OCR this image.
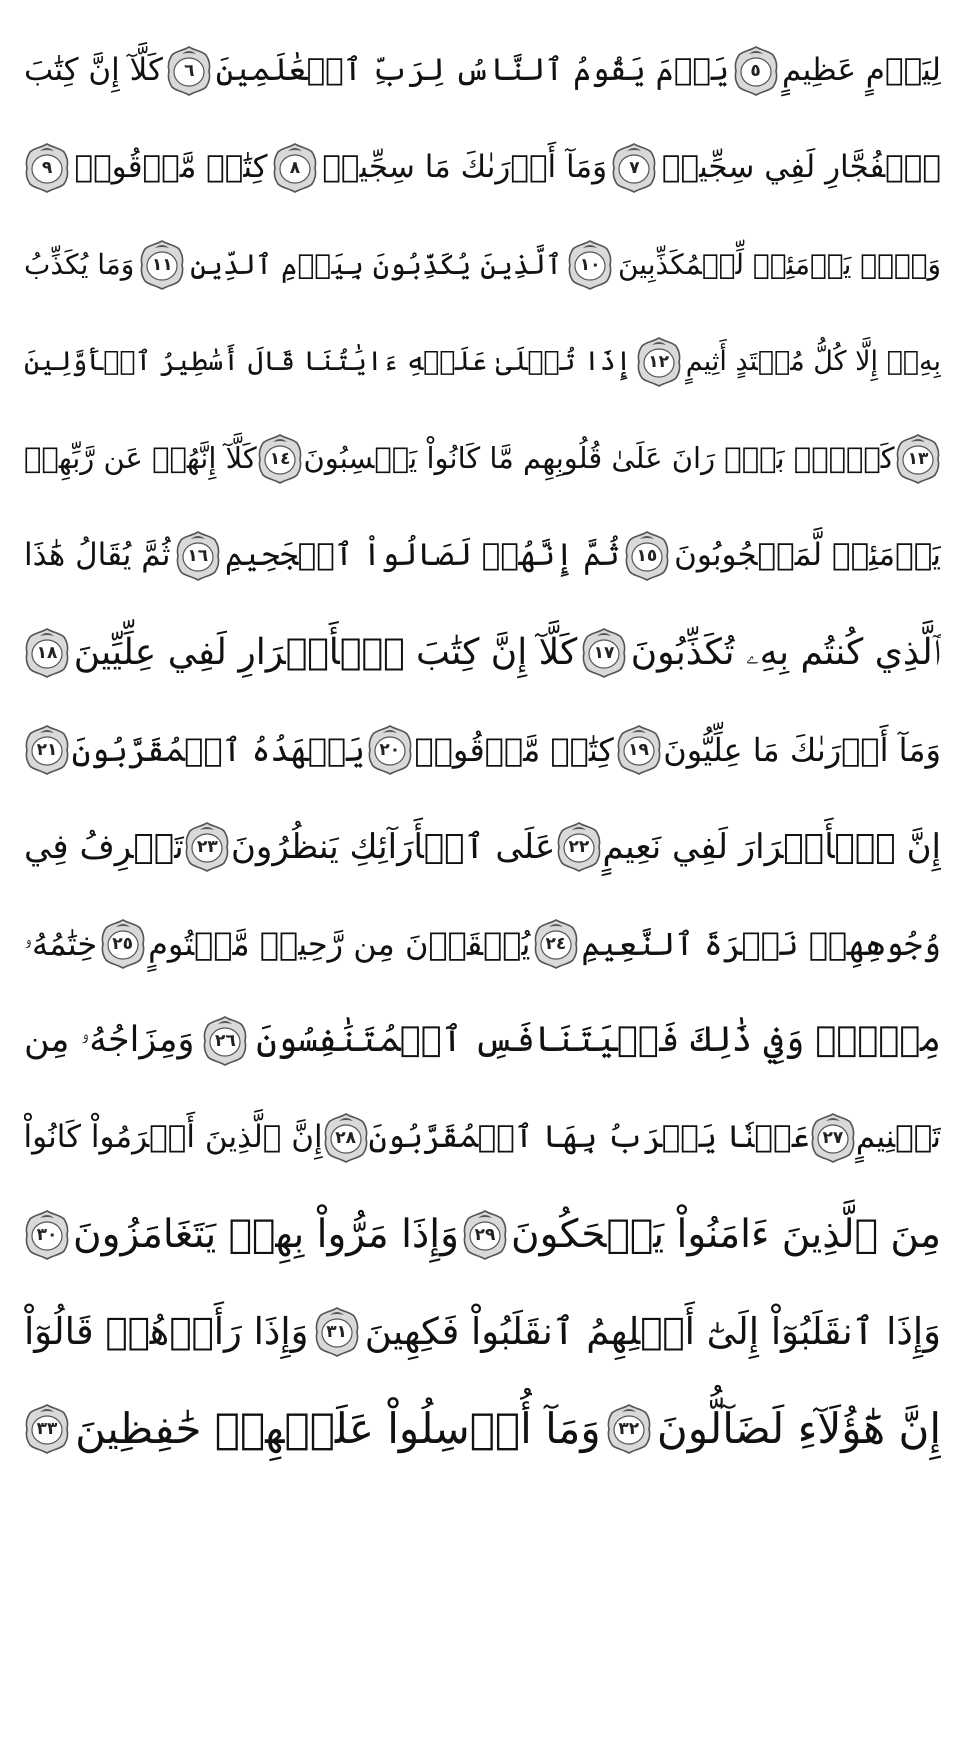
لِيَوۡمٍ عَظِيمٍ
٥
يَوۡمَ يَقُومُ ٱلنَّاسُ لِرَبِّ ٱلۡعَٰلَمِينَ
٦
كَلَّآ إِنَّ كِتَٰبَ
ٱلۡفُجَّارِ لَفِي سِجِّينٖ
٧
وَمَآ أَدۡرَىٰكَ مَا سِجِّينٞ
٨
كِتَٰبٞ مَّرۡقُومٞ
٩
وَيۡلٞ يَوۡمَئِذٖ لِّلۡمُكَذِّبِينَ
١٠
ٱلَّذِينَ يُكَذِّبُونَ بِيَوۡمِ ٱلدِّينِ
١١
وَمَا يُكَذِّبُ
بِهِۦٓ إِلَّا كُلُّ مُعۡتَدٍ أَثِيمٍ
١٢
إِذَا تُتۡلَىٰ عَلَيۡهِ ءَايَٰتُنَا قَالَ أَسَٰطِيرُ ٱلۡأَوَّلِينَ
١٣
كَلَّاۖ بَلۡۜ رَانَ عَلَىٰ قُلُوبِهِم مَّا كَانُواْ يَكۡسِبُونَ
١٤
كَلَّآ إِنَّهُمۡ عَن رَّبِّهِمۡ
يَوۡمَئِذٖ لَّمَحۡجُوبُونَ
١٥
ثُمَّ إِنَّهُمۡ لَصَالُواْ ٱلۡجَحِيمِ
١٦
ثُمَّ يُقَالُ هَٰذَا
ٱلَّذِي كُنتُم بِهِۦ تُكَذِّبُونَ
١٧
كَلَّآ إِنَّ كِتَٰبَ ٱلۡأَبۡرَارِ لَفِي عِلِّيِّينَ
١٨
وَمَآ أَدۡرَىٰكَ مَا عِلِّيُّونَ
١٩
كِتَٰبٞ مَّرۡقُومٞ
٢٠
يَشۡهَدُهُ ٱلۡمُقَرَّبُونَ
٢١
إِنَّ ٱلۡأَبۡرَارَ لَفِي نَعِيمٍ
٢٢
عَلَى ٱلۡأَرَآئِكِ يَنظُرُونَ
٢٣
تَعۡرِفُ فِي
وُجُوهِهِمۡ نَضۡرَةَ ٱلنَّعِيمِ
٢٤
يُسۡقَوۡنَ مِن رَّحِيقٖ مَّخۡتُومٍ
٢٥
خِتَٰمُهُۥ
مِسۡكٞۚ وَفِي ذَٰلِكَ فَلۡيَتَنَافَسِ ٱلۡمُتَنَٰفِسُونَ
٢٦
وَمِزَاجُهُۥ مِن
تَسۡنِيمٍ
٢٧
عَيۡنٗا يَشۡرَبُ بِهَا ٱلۡمُقَرَّبُونَ
٢٨
إِنَّ ٱلَّذِينَ أَجۡرَمُواْ كَانُواْ
مِنَ ٱلَّذِينَ ءَامَنُواْ يَضۡحَكُونَ
٢٩
وَإِذَا مَرُّواْ بِهِمۡ يَتَغَامَزُونَ
٣٠
وَإِذَا ٱنقَلَبُوٓاْ إِلَىٰٓ أَهۡلِهِمُ ٱنقَلَبُواْ فَكِهِينَ
٣١
وَإِذَا رَأَوۡهُمۡ قَالُوٓاْ
إِنَّ هَٰٓؤُلَآءِ لَضَآلُّونَ
٣٢
وَمَآ أُرۡسِلُواْ عَلَيۡهِمۡ حَٰفِظِينَ
٣٣
